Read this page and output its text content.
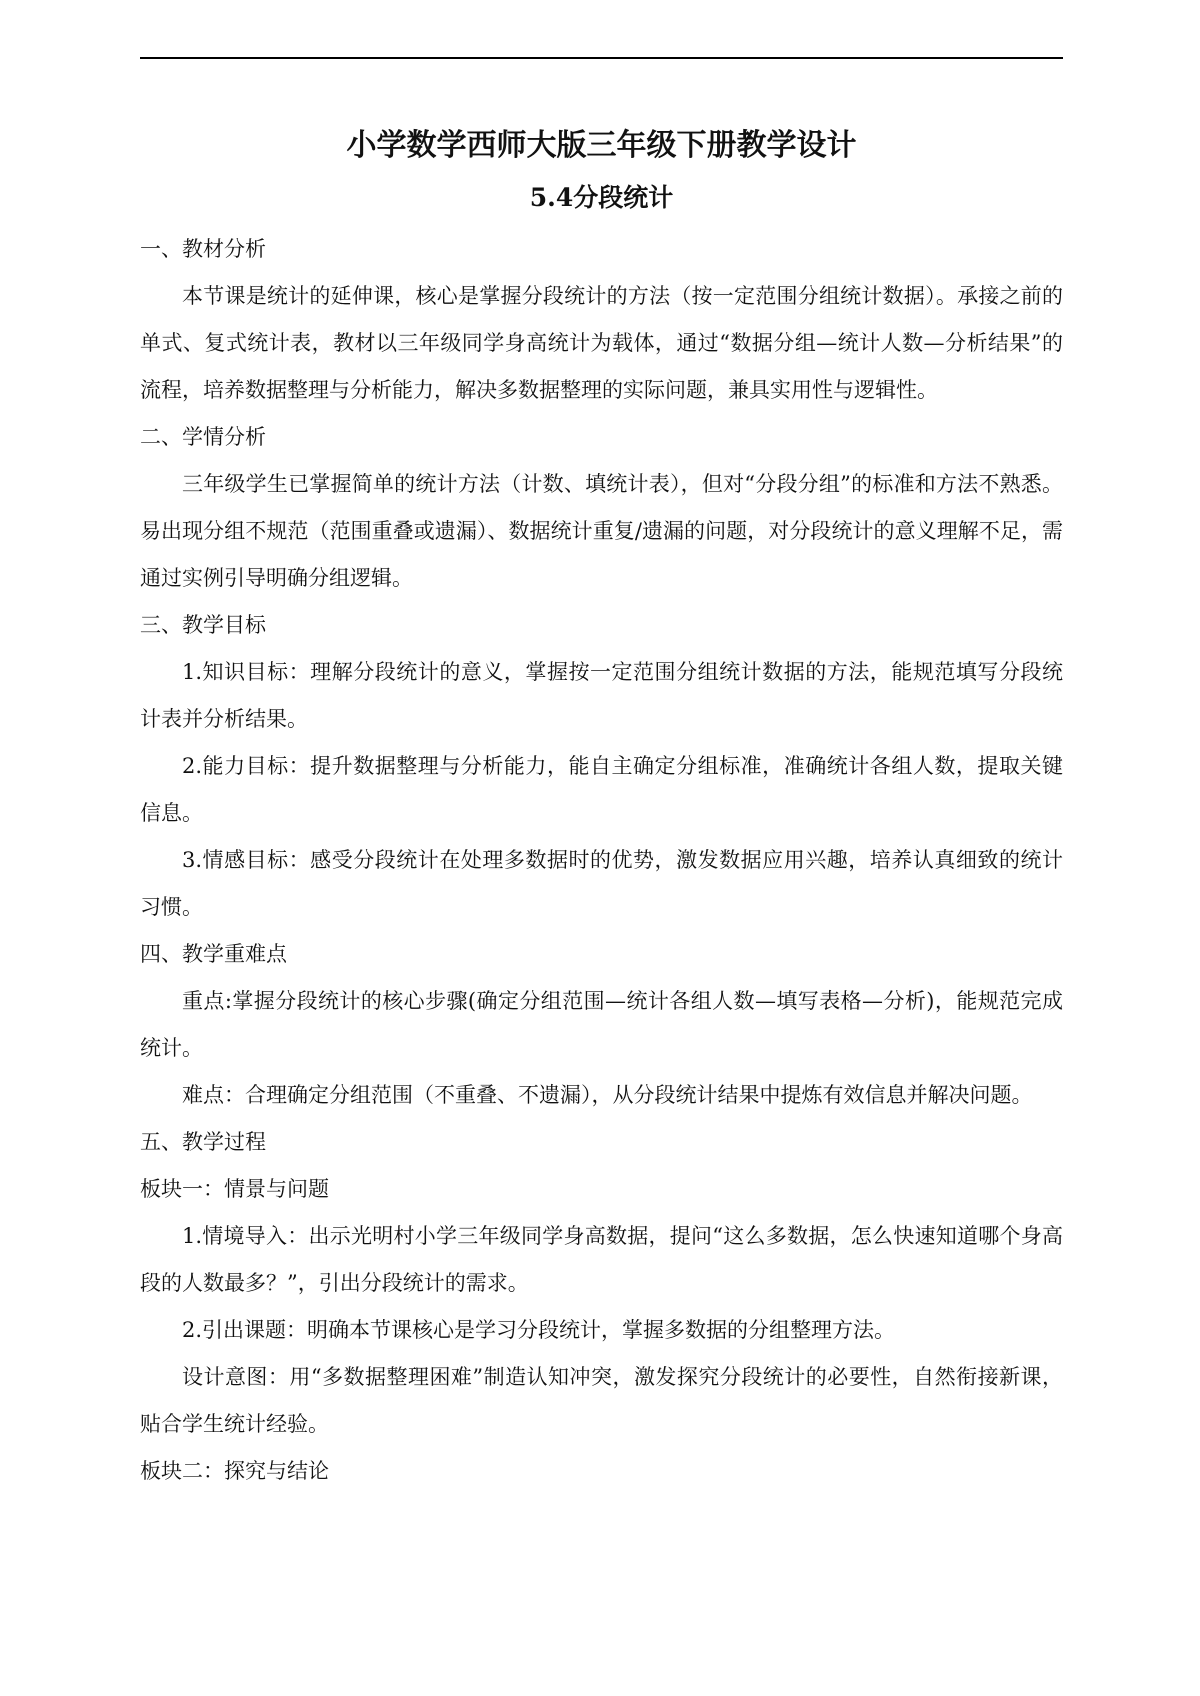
小学数学西师大版三年级下册教学设计
5.4分段统计

一、教材分析

本节课是统计的延伸课，核心是掌握分段统计的方法（按一定范围分组统计数据）。承接之前的单式、复式统计表，教材以三年级同学身高统计为载体，通过“数据分组—统计人数—分析结果”的流程，培养数据整理与分析能力，解决多数据整理的实际问题，兼具实用性与逻辑性。

二、学情分析

三年级学生已掌握简单的统计方法（计数、填统计表），但对“分段分组”的标准和方法不熟悉。易出现分组不规范（范围重叠或遗漏）、数据统计重复/遗漏的问题，对分段统计的意义理解不足，需通过实例引导明确分组逻辑。

三、教学目标

1.知识目标：理解分段统计的意义，掌握按一定范围分组统计数据的方法，能规范填写分段统计表并分析结果。

2.能力目标：提升数据整理与分析能力，能自主确定分组标准，准确统计各组人数，提取关键信息。

3.情感目标：感受分段统计在处理多数据时的优势，激发数据应用兴趣，培养认真细致的统计习惯。

四、教学重难点

重点:掌握分段统计的核心步骤(确定分组范围—统计各组人数—填写表格—分析)，能规范完成统计。

难点：合理确定分组范围（不重叠、不遗漏），从分段统计结果中提炼有效信息并解决问题。

五、教学过程

板块一：情景与问题

1.情境导入：出示光明村小学三年级同学身高数据，提问“这么多数据，怎么快速知道哪个身高段的人数最多？”，引出分段统计的需求。

2.引出课题：明确本节课核心是学习分段统计，掌握多数据的分组整理方法。

设计意图：用“多数据整理困难”制造认知冲突，激发探究分段统计的必要性，自然衔接新课，贴合学生统计经验。

板块二：探究与结论
